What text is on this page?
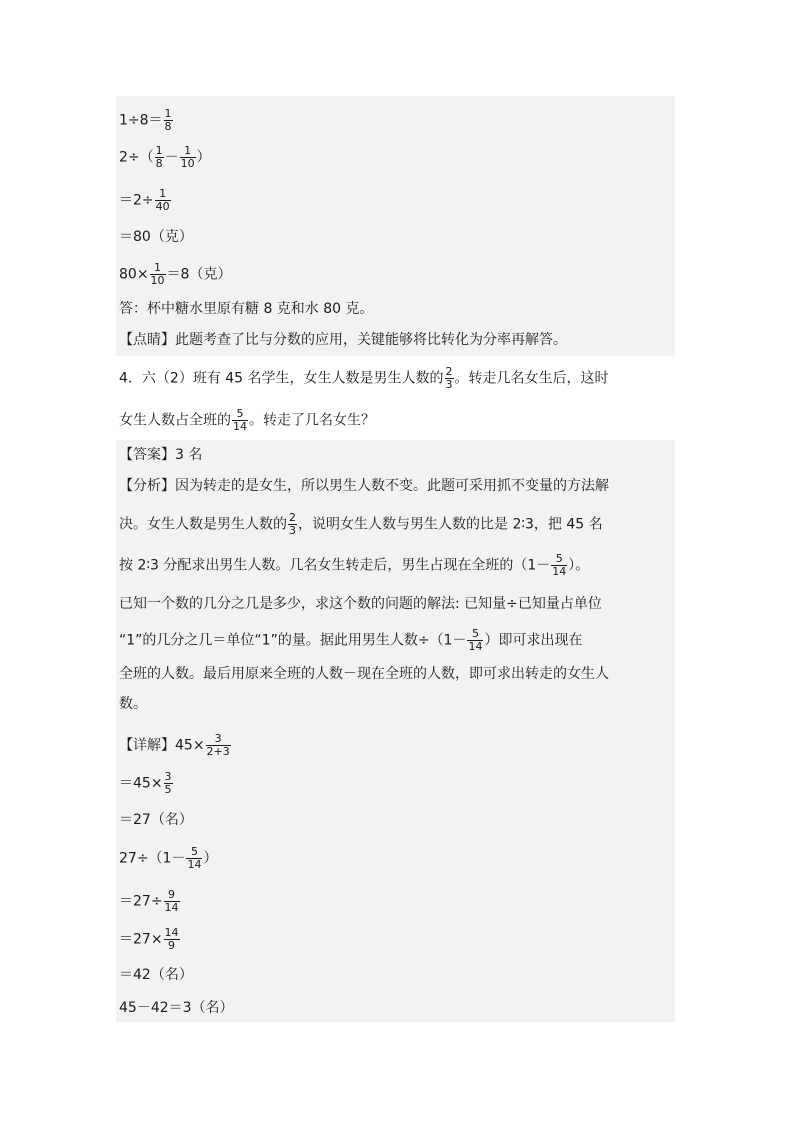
$1\div 8= \frac{1}{8}$
$2\div( \frac{1}{8} - \frac{1}{10}$ ）
$=2\div \frac{1}{40}$
＝80（克）
$80\times \frac{1}{10} =8$（克）
答：杯中糖水里原有糖 8 克和水 80 克。
【点睛】此题考查了比与分数的应用，关键能够将比转化为分率再解答。
4．六（2）班有 45 名学生，女生人数是男生人数的 $\frac{2}{3}$ 。转走几名女生后，这时
女生人数占全班的 $\frac{5}{14}$ 。转走了几名女生？
【答案】3 名
【分析】因为转走的是女生，所以男生人数不变。此题可采用抓不变量的方法解
决。女生人数是男生人数的 $\frac{2}{3}$ ，说明女生人数与男生人数的比是 2∶3，把 45 名
按 2∶3 分配求出男生人数。几名女生转走后，男生占现在全班的（$1- \frac{5}{14}$ ）。
已知一个数的几分之几是多少，求这个数的问题的解法: 已知量÷已知量占单位
“1”的几分之几＝单位“1”的量。据此用男生人数$\div(1- \frac{5}{14}$ ）即可求出现在
全班的人数。最后用原来全班的人数－现在全班的人数，即可求出转走的女生人
数。
【详解】$45\times \frac{3}{2+3}$
$=45\times \frac{3}{5}$
＝27（名）
$27\div(1- \frac{5}{14}$ ）
$=27\div \frac{9}{14}$
$=27\times \frac{14}{9}$
＝42（名）
45－42＝3（名）
